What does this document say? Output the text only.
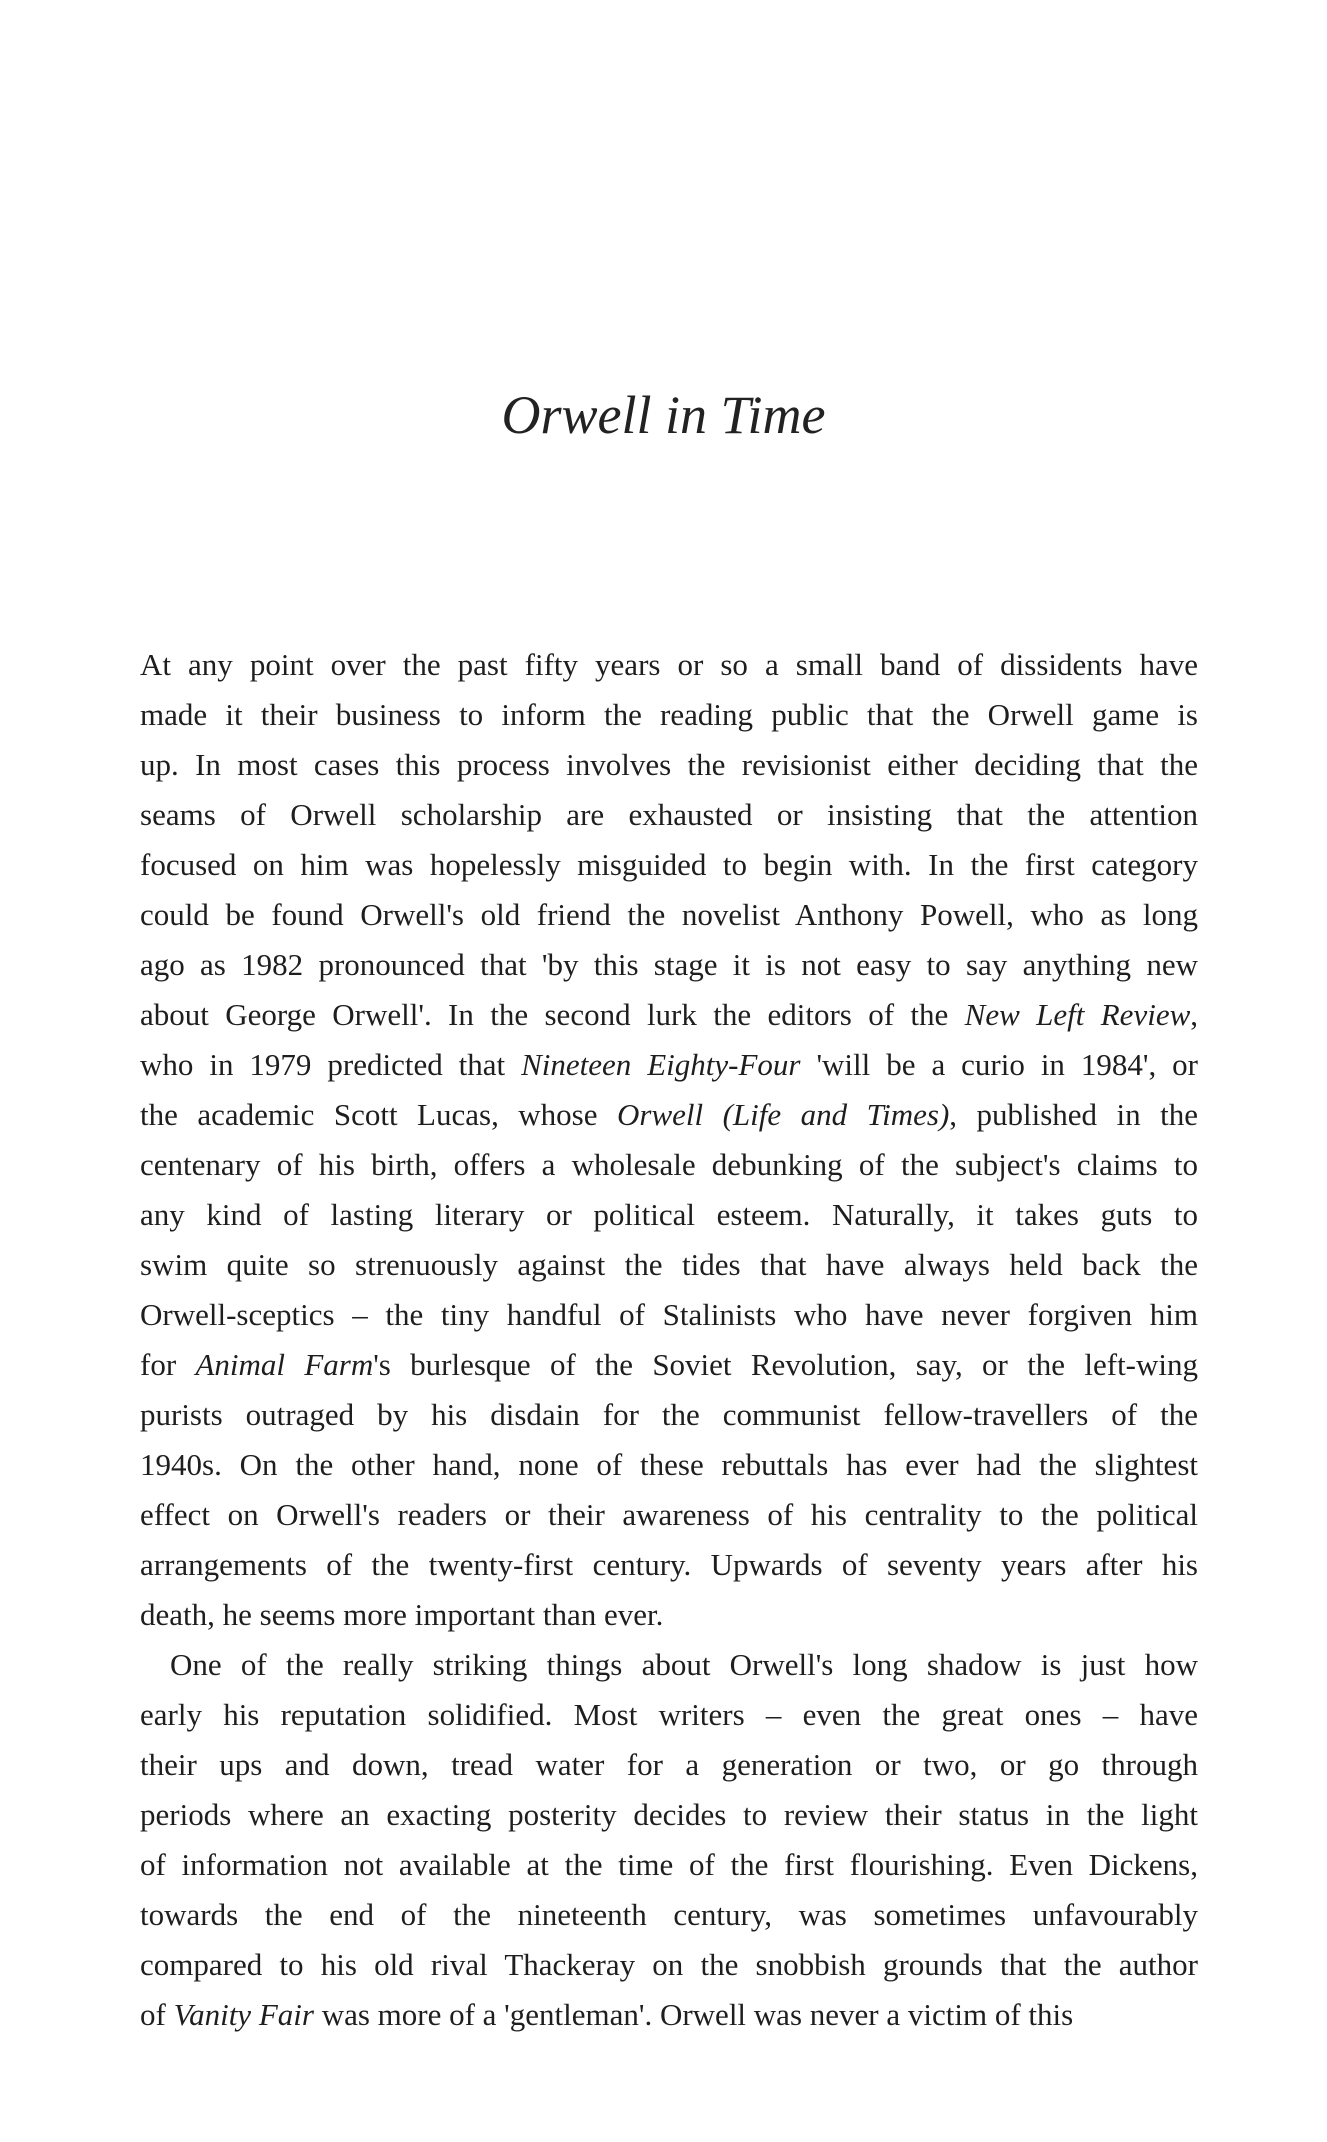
Orwell in Time
At any point over the past fifty years or so a small band of dissidents have
made it their business to inform the reading public that the Orwell game is
up. In most cases this process involves the revisionist either deciding that the
seams of Orwell scholarship are exhausted or insisting that the attention
focused on him was hopelessly misguided to begin with. In the first category
could be found Orwell's old friend the novelist Anthony Powell, who as long
ago as 1982 pronounced that 'by this stage it is not easy to say anything new
about George Orwell'. In the second lurk the editors of the New Left Review,
who in 1979 predicted that Nineteen Eighty-Four 'will be a curio in 1984', or
the academic Scott Lucas, whose Orwell (Life and Times), published in the
centenary of his birth, offers a wholesale debunking of the subject's claims to
any kind of lasting literary or political esteem. Naturally, it takes guts to
swim quite so strenuously against the tides that have always held back the
Orwell-sceptics – the tiny handful of Stalinists who have never forgiven him
for Animal Farm's burlesque of the Soviet Revolution, say, or the left-wing
purists outraged by his disdain for the communist fellow-travellers of the
1940s. On the other hand, none of these rebuttals has ever had the slightest
effect on Orwell's readers or their awareness of his centrality to the political
arrangements of the twenty-first century. Upwards of seventy years after his
death, he seems more important than ever.
One of the really striking things about Orwell's long shadow is just how
early his reputation solidified. Most writers – even the great ones – have
their ups and down, tread water for a generation or two, or go through
periods where an exacting posterity decides to review their status in the light
of information not available at the time of the first flourishing. Even Dickens,
towards the end of the nineteenth century, was sometimes unfavourably
compared to his old rival Thackeray on the snobbish grounds that the author
of Vanity Fair was more of a 'gentleman'. Orwell was never a victim of this
